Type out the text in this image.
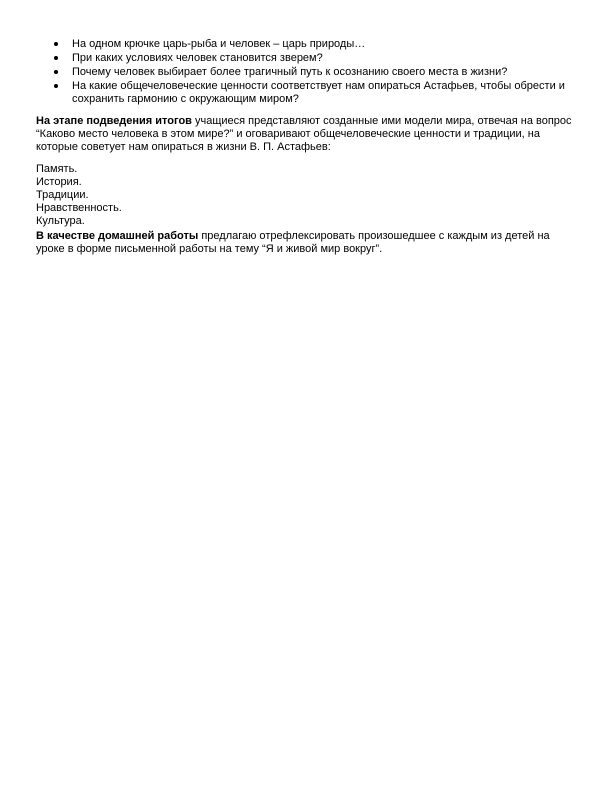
На одном крючке царь-рыба и человек – царь природы…
При каких условиях человек становится зверем?
Почему человек выбирает более трагичный путь к осознанию своего места в жизни?
На какие общечеловеческие ценности соответствует нам опираться Астафьев, чтобы обрести и сохранить гармонию с окружающим миром?

На этапе подведения итогов учащиеся представляют созданные ими модели мира, отвечая на вопрос “Каково место человека в этом мире?” и оговаривают общечеловеческие ценности и традиции, на которые советует нам опираться в жизни В. П. Астафьев:

Память.
История.
Традиции.
Нравственность.
Культура.

В качестве домашней работы предлагаю отрефлексировать произошедшее с каждым из детей на уроке в форме письменной работы на тему “Я и живой мир вокруг”.
